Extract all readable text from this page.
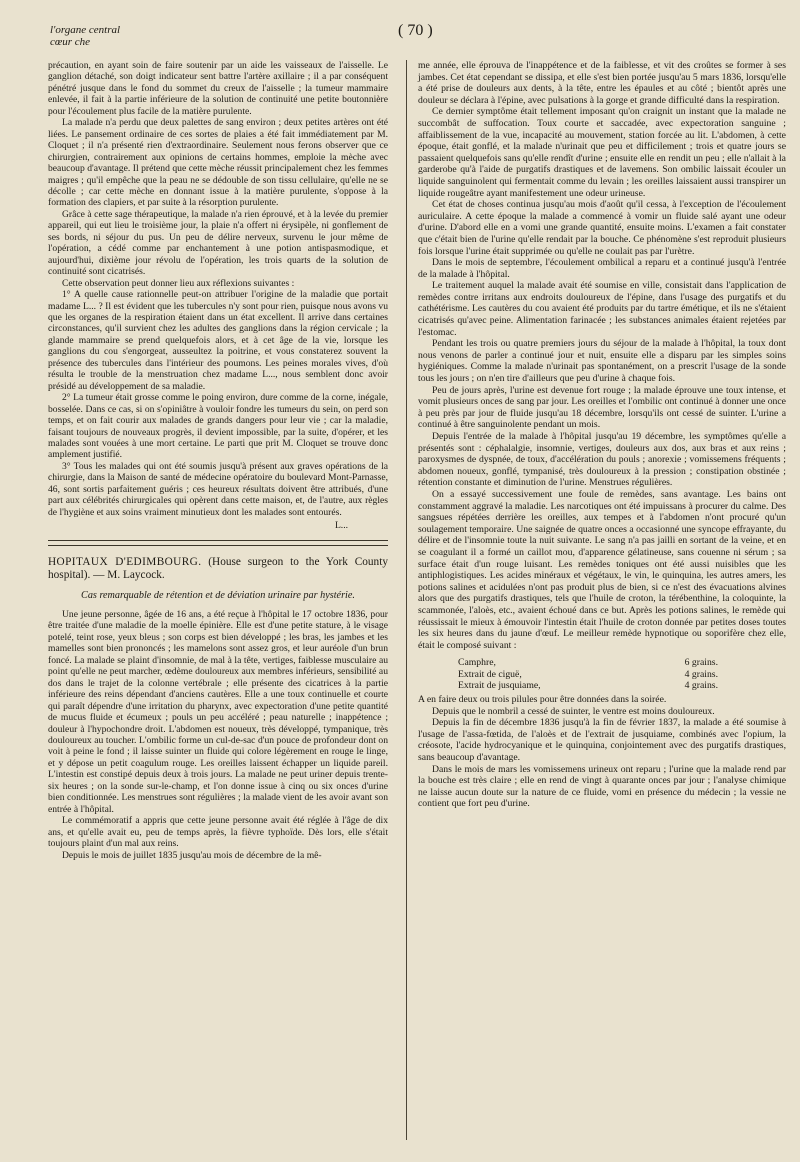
l'organe central
cœur che
( 70 )

précaution, en ayant soin de faire soutenir par un aide les vaisseaux de l'aisselle. Le ganglion détaché, son doigt indicateur sent battre l'artère axillaire ; il a par conséquent pénétré jusque dans le fond du sommet du creux de l'aisselle ; la tumeur mammaire enlevée, il fait à la partie inférieure de la solution de continuité une petite boutonnière pour l'écoulement plus facile de la matière purulente.

La malade n'a perdu que deux palettes de sang environ ; deux petites artères ont été liées. Le pansement ordinaire de ces sortes de plaies a été fait immédiatement par M. Cloquet ; il n'a présenté rien d'extraordinaire. Seulement nous ferons observer que ce chirurgien, contrairement aux opinions de certains hommes, emploie la mèche avec beaucoup d'avantage. Il prétend que cette mèche réussit principalement chez les femmes maigres ; qu'il empêche que la peau ne se dédouble de son tissu cellulaire, qu'elle ne se décolle ; car cette mèche en donnant issue à la matière purulente, s'oppose à la formation des clapiers, et par suite à la résorption purulente.

Grâce à cette sage thérapeutique, la malade n'a rien éprouvé, et à la levée du premier appareil, qui eut lieu le troisième jour, la plaie n'a offert ni érysipèle, ni gonflement de ses bords, ni séjour du pus. Un peu de délire nerveux, survenu le jour même de l'opération, a cédé comme par enchantement à une potion antispasmodique, et aujourd'hui, dixième jour révolu de l'opération, les trois quarts de la solution de continuité sont cicatrisés.

Cette observation peut donner lieu aux réflexions suivantes :

1° A quelle cause rationnelle peut-on attribuer l'origine de la maladie que portait madame L... ? Il est évident que les tubercules n'y sont pour rien, puisque nous avons vu que les organes de la respiration étaient dans un état excellent. Il arrive dans certaines circonstances, qu'il survient chez les adultes des ganglions dans la région cervicale ; la glande mammaire se prend quelquefois alors, et à cet âge de la vie, lorsque les ganglions du cou s'engorgeat, ausseultez la poitrine, et vous constaterez souvent la présence des tubercules dans l'intérieur des poumons. Les peines morales vives, d'où résulta le trouble de la menstruation chez madame L..., nous semblent donc avoir présidé au développement de sa maladie.

2° La tumeur était grosse comme le poing environ, dure comme de la corne, inégale, bosselée. Dans ce cas, si on s'opiniâtre à vouloir fondre les tumeurs du sein, on perd son temps, et on fait courir aux malades de grands dangers pour leur vie ; car la maladie, faisant toujours de nouveaux progrès, il devient impossible, par la suite, d'opérer, et les malades sont vouées à une mort certaine. Le parti que prit M. Cloquet se trouve donc amplement justifié.

3° Tous les malades qui ont été soumis jusqu'à présent aux graves opérations de la chirurgie, dans la Maison de santé de médecine opératoire du boulevard Mont-Parnasse, 46, sont sortis parfaitement guéris ; ces heureux résultats doivent être attribués, d'une part aux célébrités chirurgicales qui opèrent dans cette maison, et, de l'autre, aux règles de l'hygiène et aux soins vraiment minutieux dont les malades sont entourés.

L...

HOPITAUX D'EDIMBOURG. (House surgeon to the York County hospital). — M. Laycock.

Cas remarquable de rétention et de déviation urinaire par hystérie.

Une jeune personne, âgée de 16 ans, a été reçue à l'hôpital le 17 octobre 1836, pour être traitée d'une maladie de la moelle épinière. Elle est d'une petite stature, à le visage potelé, teint rose, yeux bleus ; son corps est bien développé ; les bras, les jambes et les mamelles sont bien prononcés ; les mamelons sont assez gros, et leur auréole d'un brun foncé. La malade se plaint d'insomnie, de mal à la tête, vertiges, faiblesse musculaire au point qu'elle ne peut marcher, œdème douloureux aux membres inférieurs, sensibilité au dos dans le trajet de la colonne vertébrale ; elle présente des cicatrices à la partie inférieure des reins dépendant d'anciens cautères. Elle a une toux continuelle et courte qui paraît dépendre d'une irritation du pharynx, avec expectoration d'une petite quantité de mucus fluide et écumeux ; pouls un peu accéléré ; peau naturelle ; inappétence ; douleur à l'hypochondre droit. L'abdomen est noueux, très développé, tympanique, très douloureux au toucher. L'ombilic forme un cul-de-sac d'un pouce de profondeur dont on voit à peine le fond ; il laisse suinter un fluide qui colore légèrement en rouge le linge, et y dépose un petit coagulum rouge. Les oreilles laissent échapper un liquide pareil. L'intestin est constipé depuis deux à trois jours. La malade ne peut uriner depuis trente-six heures ; on la sonde sur-le-champ, et l'on donne issue à cinq ou six onces d'urine bien conditionnée. Les menstrues sont régulières ; la malade vient de les avoir avant son entrée à l'hôpital.

Le commémoratif a appris que cette jeune personne avait été réglée à l'âge de dix ans, et qu'elle avait eu, peu de temps après, la fièvre typhoïde. Dès lors, elle s'était toujours plaint d'un mal aux reins.

Depuis le mois de juillet 1835 jusqu'au mois de décembre de la mê-

me année, elle éprouva de l'inappétence et de la faiblesse, et vit des croûtes se former à ses jambes. Cet état cependant se dissipa, et elle s'est bien portée jusqu'au 5 mars 1836, lorsqu'elle a été prise de douleurs aux dents, à la tête, entre les épaules et au côté ; bientôt après une douleur se déclara à l'épine, avec pulsations à la gorge et grande difficulté dans la respiration.

Ce dernier symptôme était tellement imposant qu'on craignit un instant que la malade ne succombât de suffocation. Toux courte et saccadée, avec expectoration sanguine ; affaiblissement de la vue, incapacité au mouvement, station forcée au lit. L'abdomen, à cette époque, était gonflé, et la malade n'urinait que peu et difficilement ; trois et quatre jours se passaient quelquefois sans qu'elle rendît d'urine ; ensuite elle en rendit un peu ; elle n'allait à la garderobe qu'à l'aide de purgatifs drastiques et de lavemens. Son ombilic laissait écouler un liquide sanguinolent qui fermentait comme du levain ; les oreilles laissaient aussi transpirer un liquide rougeâtre ayant manifestement une odeur urineuse.

Cet état de choses continua jusqu'au mois d'août qu'il cessa, à l'exception de l'écoulement auriculaire. A cette époque la malade a commencé à vomir un fluide salé ayant une odeur d'urine. D'abord elle en a vomi une grande quantité, ensuite moins. L'examen a fait constater que c'était bien de l'urine qu'elle rendait par la bouche. Ce phénomène s'est reproduit plusieurs fois lorsque l'urine était supprimée ou qu'elle ne coulait pas par l'urètre.

Dans le mois de septembre, l'écoulement ombilical a reparu et a continué jusqu'à l'entrée de la malade à l'hôpital.

Le traitement auquel la malade avait été soumise en ville, consistait dans l'application de remèdes contre irritans aux endroits douloureux de l'épine, dans l'usage des purgatifs et du cathétérisme. Les cautères du cou avaient été produits par du tartre émétique, et ils ne s'étaient cicatrisés qu'avec peine. Alimentation farinacée ; les substances animales étaient rejetées par l'estomac.

Pendant les trois ou quatre premiers jours du séjour de la malade à l'hôpital, la toux dont nous venons de parler a continué jour et nuit, ensuite elle a disparu par les simples soins hygiéniques. Comme la malade n'urinait pas spontanément, on a prescrit l'usage de la sonde tous les jours ; on n'en tire d'ailleurs que peu d'urine à chaque fois.

Peu de jours après, l'urine est devenue fort rouge ; la malade éprouve une toux intense, et vomit plusieurs onces de sang par jour. Les oreilles et l'ombilic ont continué à donner une once à peu près par jour de fluide jusqu'au 18 décembre, lorsqu'ils ont cessé de suinter. L'urine a continué à être sanguinolente pendant un mois.

Depuis l'entrée de la malade à l'hôpital jusqu'au 19 décembre, les symptômes qu'elle a présentés sont : céphalalgie, insomnie, vertiges, douleurs aux dos, aux bras et aux reins ; paroxysmes de dyspnée, de toux, d'accélération du pouls ; anorexie ; vomissemens fréquents ; abdomen noueux, gonflé, tympanisé, très douloureux à la pression ; constipation obstinée ; rétention constante et diminution de l'urine. Menstrues régulières.

On a essayé successivement une foule de remèdes, sans avantage. Les bains ont constamment aggravé la maladie. Les narcotiques ont été impuissans à procurer du calme. Des sangsues répétées derrière les oreilles, aux tempes et à l'abdomen n'ont procuré qu'un soulagement temporaire. Une saignée de quatre onces a occasionné une syncope effrayante, du délire et de l'insomnie toute la nuit suivante. Le sang n'a pas jailli en sortant de la veine, et en se coagulant il a formé un caillot mou, d'apparence gélatineuse, sans couenne ni sérum ; sa surface était d'un rouge luisant. Les remèdes toniques ont été aussi nuisibles que les antiphlogistiques. Les acides minéraux et végétaux, le vin, le quinquina, les autres amers, les potions salines et acidulées n'ont pas produit plus de bien, si ce n'est des évacuations alvines alors que des purgatifs drastiques, tels que l'huile de croton, la térébenthine, la coloquinte, la scammonée, l'aloès, etc., avaient échoué dans ce but. Après les potions salines, le remède qui réussissait le mieux à émouvoir l'intestin était l'huile de croton donnée par petites doses toutes les six heures dans du jaune d'œuf. Le meilleur remède hypnotique ou soporifère chez elle, était le composé suivant :

Camphre,	6 grains.
Extrait de ciguë,	4 grains.
Extrait de jusquiame,	4 grains.

A en faire deux ou trois pilules pour être données dans la soirée.

Depuis que le nombril a cessé de suinter, le ventre est moins douloureux.

Depuis la fin de décembre 1836 jusqu'à la fin de février 1837, la malade a été soumise à l'usage de l'assa-fœtida, de l'aloès et de l'extrait de jusquiame, combinés avec l'opium, la créosote, l'acide hydrocyanique et le quinquina, conjointement avec des purgatifs drastiques, sans beaucoup d'avantage.

Dans le mois de mars les vomissemens urineux ont reparu ; l'urine que la malade rend par la bouche est très claire ; elle en rend de vingt à quarante onces par jour ; l'analyse chimique ne laisse aucun doute sur la nature de ce fluide, vomi en présence du médecin ; la vessie ne contient que fort peu d'urine.
